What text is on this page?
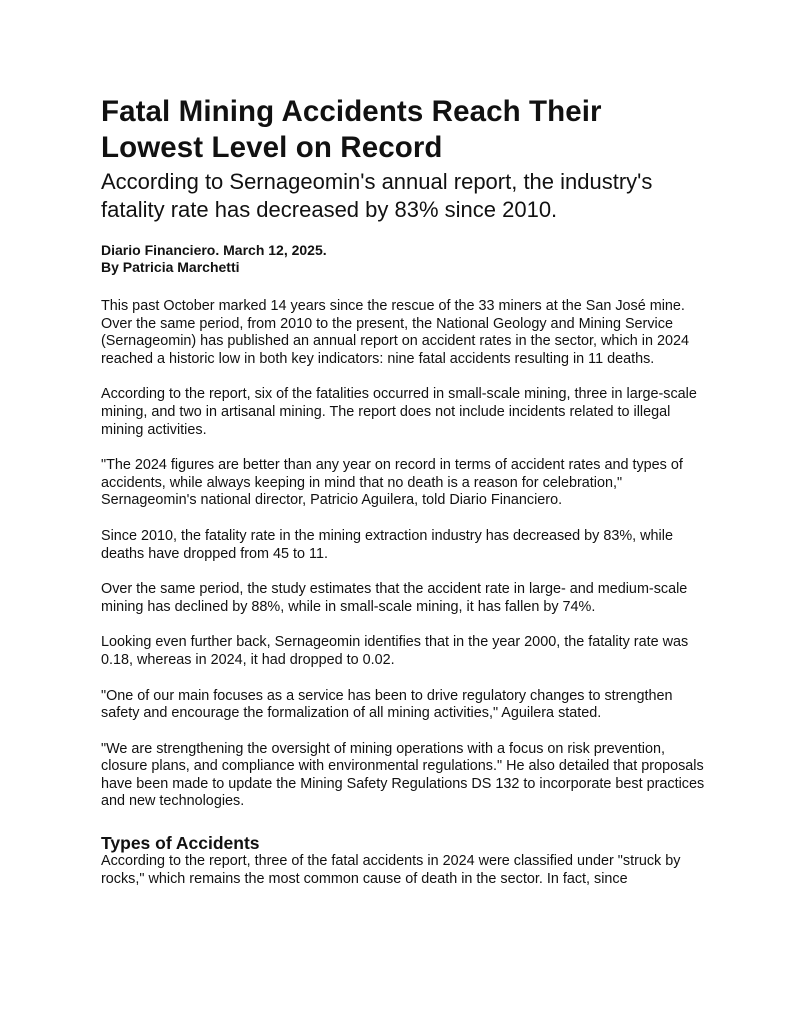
Fatal Mining Accidents Reach Their Lowest Level on Record
According to Sernageomin's annual report, the industry's fatality rate has decreased by 83% since 2010.
Diario Financiero. March 12, 2025.
By Patricia Marchetti

This past October marked 14 years since the rescue of the 33 miners at the San José mine. Over the same period, from 2010 to the present, the National Geology and Mining Service (Sernageomin) has published an annual report on accident rates in the sector, which in 2024 reached a historic low in both key indicators: nine fatal accidents resulting in 11 deaths.

According to the report, six of the fatalities occurred in small-scale mining, three in large-scale mining, and two in artisanal mining. The report does not include incidents related to illegal mining activities.

"The 2024 figures are better than any year on record in terms of accident rates and types of accidents, while always keeping in mind that no death is a reason for celebration," Sernageomin's national director, Patricio Aguilera, told Diario Financiero.

Since 2010, the fatality rate in the mining extraction industry has decreased by 83%, while deaths have dropped from 45 to 11.

Over the same period, the study estimates that the accident rate in large- and medium-scale mining has declined by 88%, while in small-scale mining, it has fallen by 74%.

Looking even further back, Sernageomin identifies that in the year 2000, the fatality rate was 0.18, whereas in 2024, it had dropped to 0.02.

"One of our main focuses as a service has been to drive regulatory changes to strengthen safety and encourage the formalization of all mining activities," Aguilera stated.

"We are strengthening the oversight of mining operations with a focus on risk prevention, closure plans, and compliance with environmental regulations." He also detailed that proposals have been made to update the Mining Safety Regulations DS 132 to incorporate best practices and new technologies.

Types of Accidents

According to the report, three of the fatal accidents in 2024 were classified under "struck by rocks," which remains the most common cause of death in the sector. In fact, since
